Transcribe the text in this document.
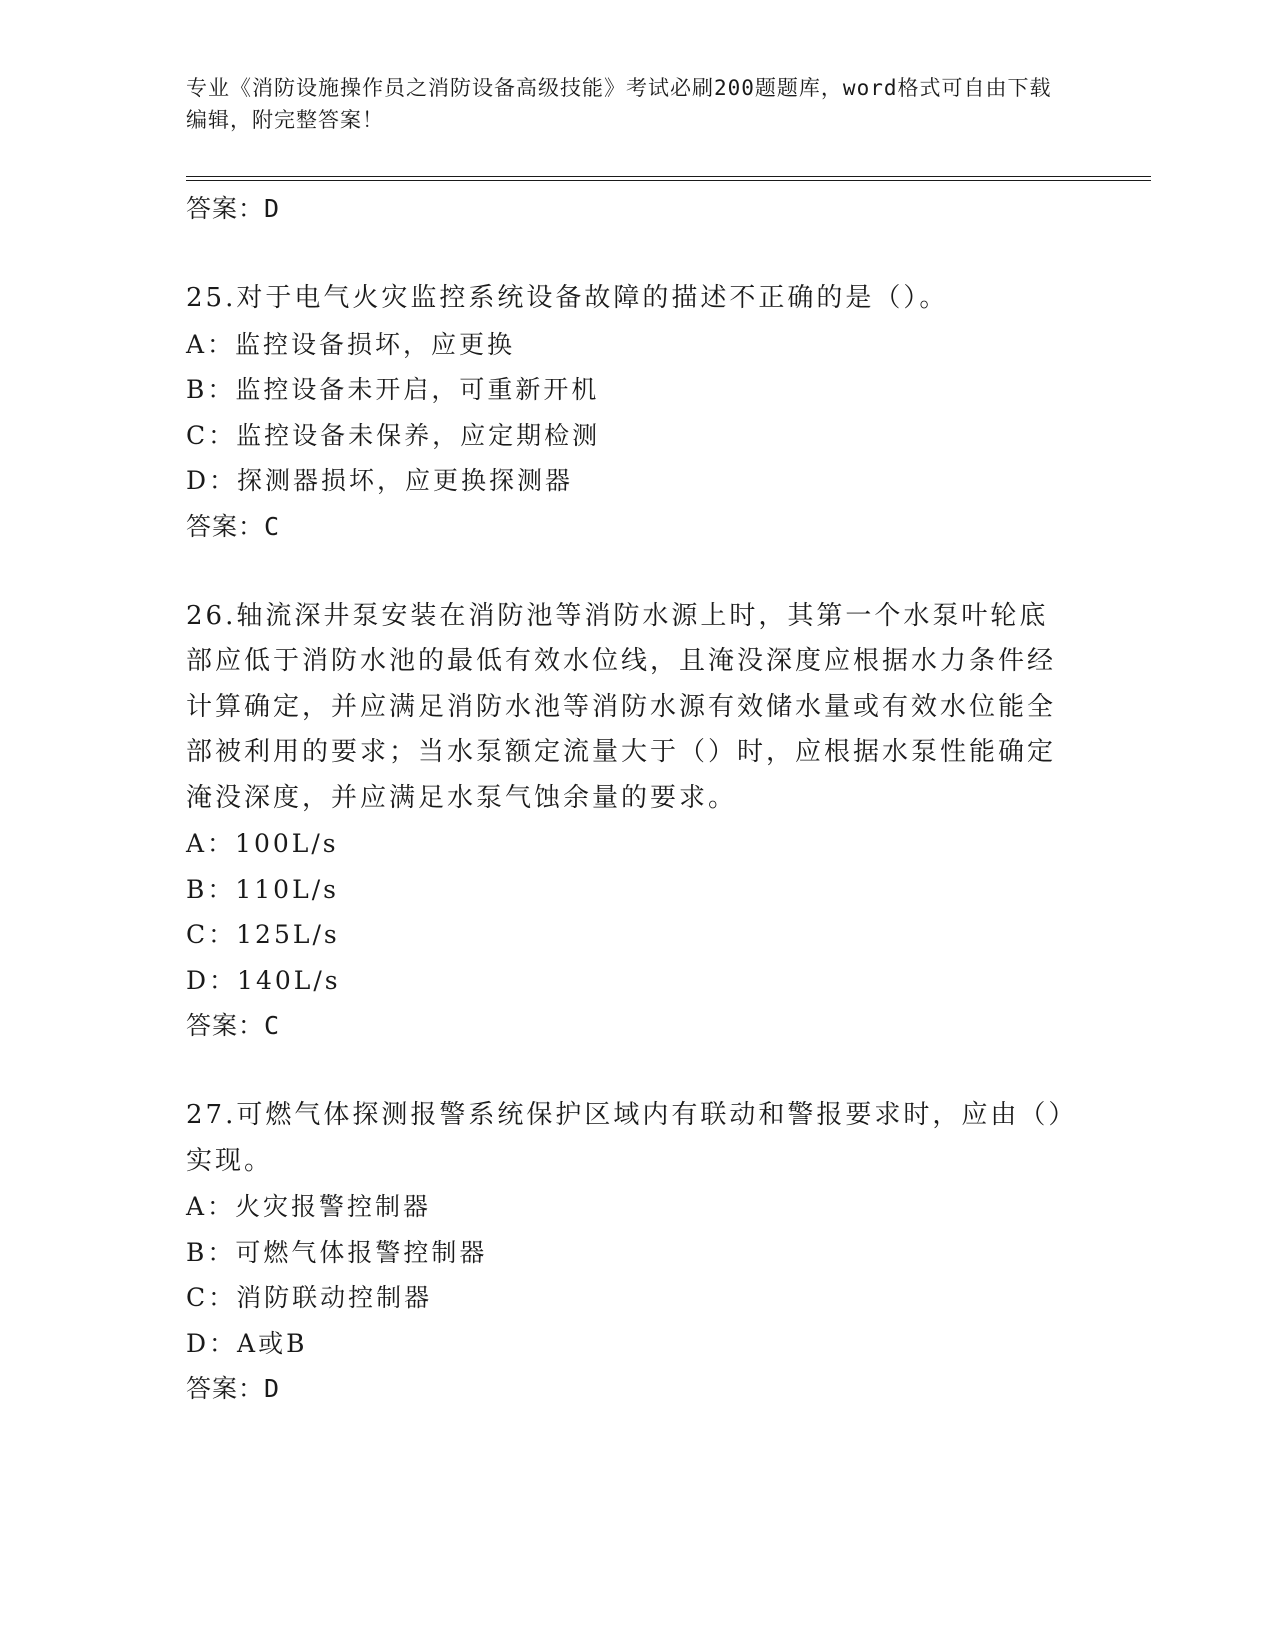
专业《消防设施操作员之消防设备高级技能》考试必刷200题题库，word格式可自由下载编辑，附完整答案！
答案：D
25.对于电气火灾监控系统设备故障的描述不正确的是（）。
A：监控设备损坏，应更换
B：监控设备未开启，可重新开机
C：监控设备未保养，应定期检测
D：探测器损坏，应更换探测器
答案：C
26.轴流深井泵安装在消防池等消防水源上时，其第一个水泵叶轮底部应低于消防水池的最低有效水位线，且淹没深度应根据水力条件经计算确定，并应满足消防水池等消防水源有效储水量或有效水位能全部被利用的要求；当水泵额定流量大于（）时，应根据水泵性能确定淹没深度，并应满足水泵气蚀余量的要求。
A：100L/s
B：110L/s
C：125L/s
D：140L/s
答案：C
27.可燃气体探测报警系统保护区域内有联动和警报要求时，应由（）实现。
A：火灾报警控制器
B：可燃气体报警控制器
C：消防联动控制器
D：A或B
答案：D
